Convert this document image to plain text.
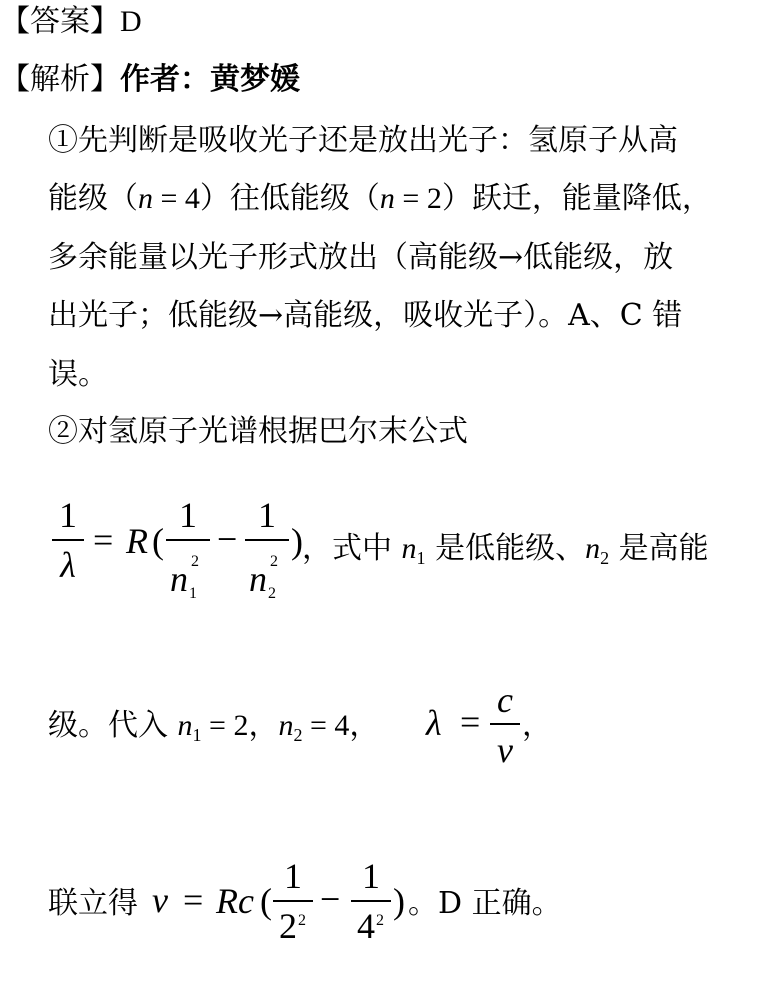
【答案】D
【解析】作者：黄梦媛
①先判断是吸收光子还是放出光子：氢原子从高
能级（n = 4）往低能级（n = 2）跃迁，能量降低，
多余能量以光子形式放出（高能级→低能级，放
出光子；低能级→高能级，吸收光子）。A、C 错
误。
②对氢原子光谱根据巴尔末公式
1
λ
= R (
1
n 2
1
−
1
n 2
2
) ，式中 $n_1$ 是低能级、$n_2$ 是高能
级。代入 $n_1 = 2$，$n_2 = 4$， λ =
c
v
，
联立得 v = Rc (
1
2 2
−
1
4 2 ) 。D 正确。
